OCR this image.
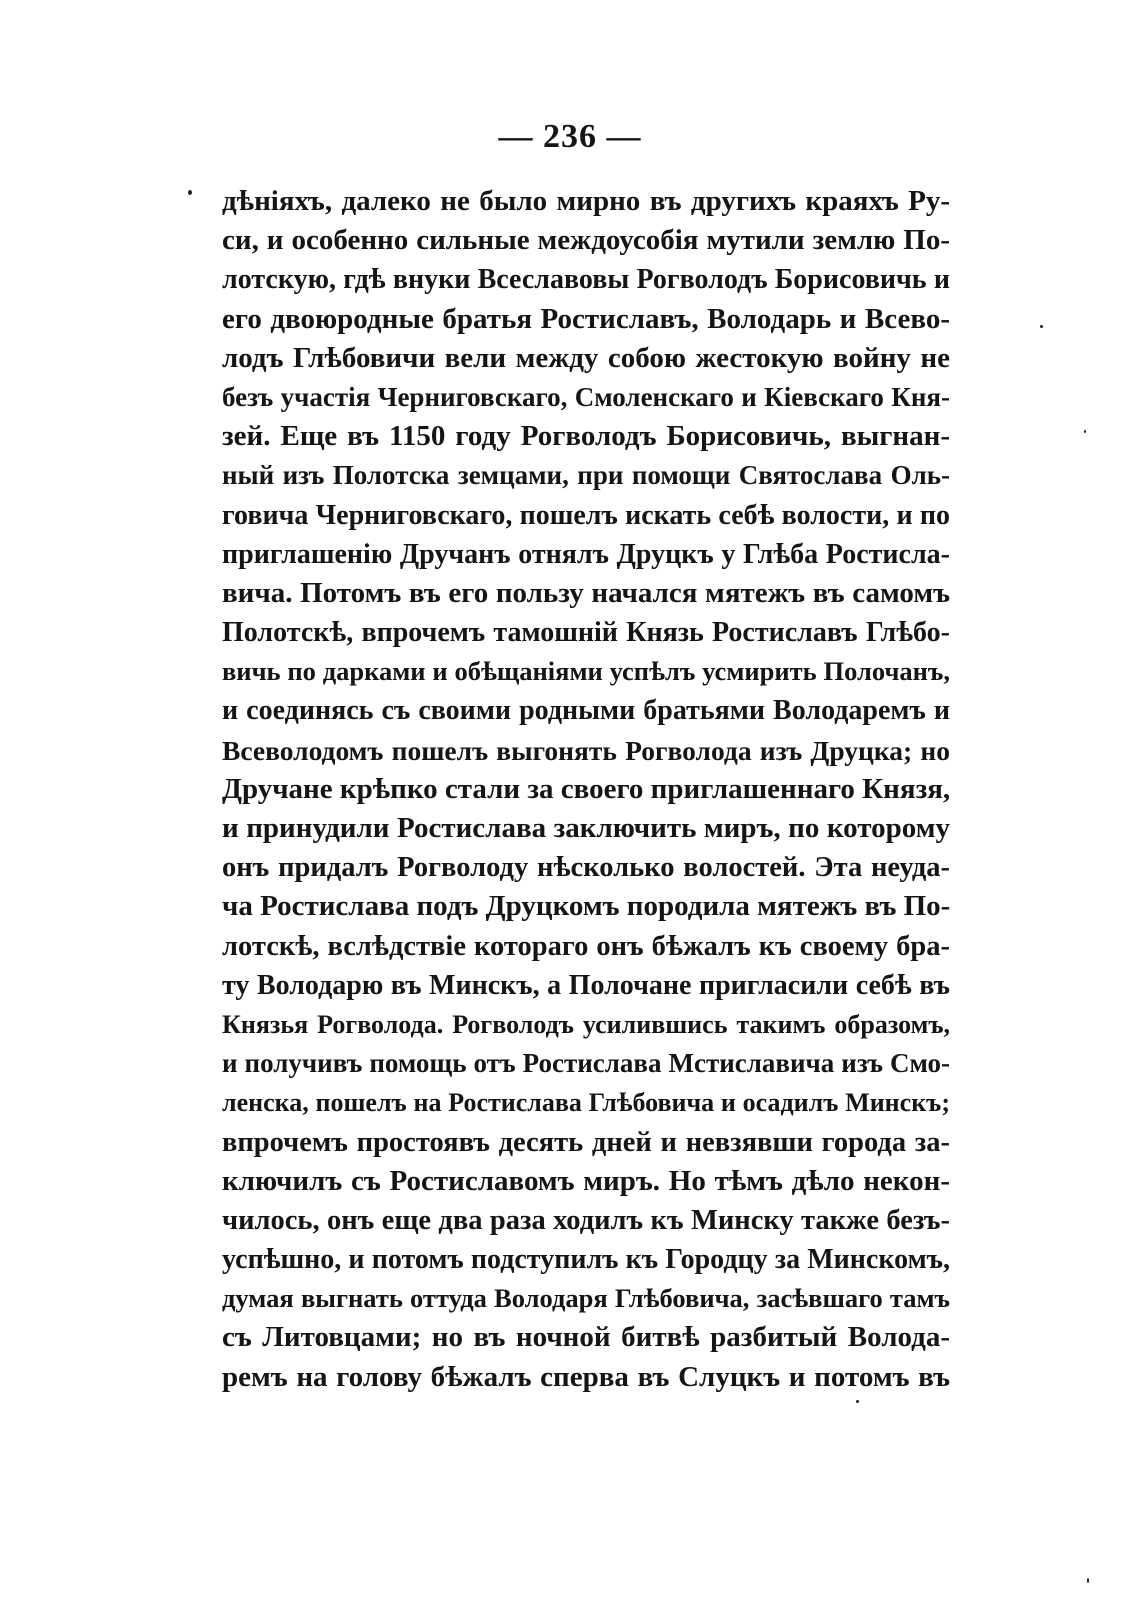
— 236 —
дѣніяхъ, далеко не было мирно въ другихъ краяхъ Ру-
си, и особенно сильные междоусобія мутили землю По-
лотскую, гдѣ внуки Всеславовы Рогволодъ Борисовичь и
его двоюродные братья Ростиславъ, Володарь и Всево-
лодъ Глѣбовичи вели между собою жестокую войну не
безъ участія Черниговскаго, Смоленскаго и Кіевскаго Кня-
зей. Еще въ 1150 году Рогволодъ Борисовичь, выгнан-
ный изъ Полотска земцами, при помощи Святослава Оль-
говича Черниговскаго, пошелъ искать себѣ волости, и по
приглашенію Дручанъ отнялъ Друцкъ у Глѣба Ростисла-
вича. Потомъ въ его пользу начался мятежъ въ самомъ
Полотскѣ, впрочемъ тамошній Князь Ростиславъ Глѣбо-
вичь по дарками и обѣщаніями успѣлъ усмирить Полочанъ,
и соединясь съ своими родными братьями Володаремъ и
Всеволодомъ пошелъ выгонять Рогволода изъ Друцка; но
Дручане крѣпко стали за своего приглашеннаго Князя,
и принудили Ростислава заключить миръ, по которому
онъ придалъ Рогволоду нѣсколько волостей. Эта неуда-
ча Ростислава подъ Друцкомъ породила мятежъ въ По-
лотскѣ, вслѣдствіе котораго онъ бѣжалъ къ своему бра-
ту Володарю въ Минскъ, а Полочане пригласили себѣ въ
Князья Рогволода. Рогволодъ усилившись такимъ образомъ,
и получивъ помощь отъ Ростислава Мстиславича изъ Смо-
ленска, пошелъ на Ростислава Глѣбовича и осадилъ Минскъ;
впрочемъ простоявъ десять дней и невзявши города за-
ключилъ съ Ростиславомъ миръ. Но тѣмъ дѣло некон-
чилось, онъ еще два раза ходилъ къ Минску также безъ-
успѣшно, и потомъ подступилъ къ Городцу за Минскомъ,
думая выгнать оттуда Володаря Глѣбовича, засѣвшаго тамъ
съ Литовцами; но въ ночной битвѣ разбитый Володa-
ремъ на голову бѣжалъ сперва въ Слуцкъ и потомъ въ
